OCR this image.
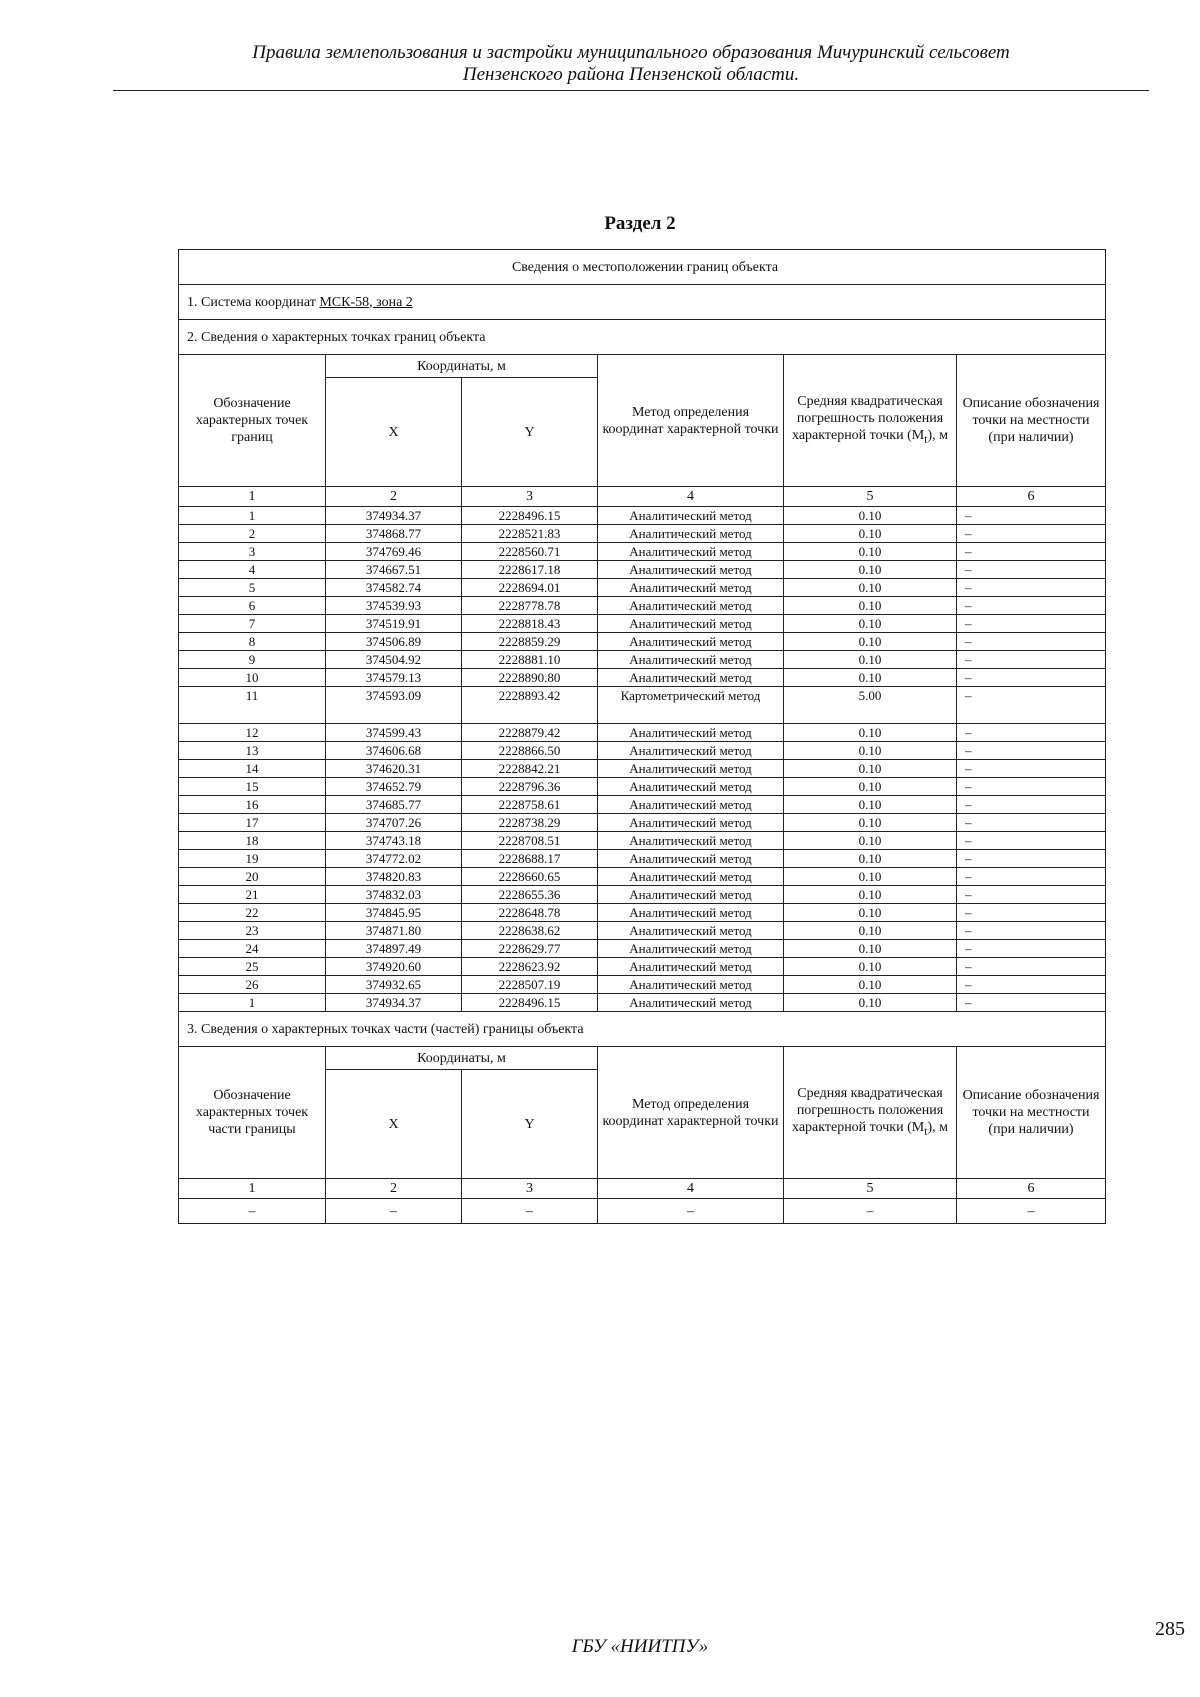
Правила землепользования и застройки муниципального образования Мичуринский сельсовет
Пензенского района Пензенской области.
Раздел 2
Сведения о местоположении границ объекта					
1. Система координат МСК-58, зона 2					
2. Сведения о характерных точках границ объекта					
Обозначение характерных точек границ	Координаты, м		Метод определения координат характерной точки	Средняя квадратическая погрешность положения характерной точки $(M_t)$, м	Описание обозначения точки на местности (при наличии)
	X	Y			
1	2	3	4	5	6
1	374934.37	2228496.15	Аналитический метод	0.10	–
2	374868.77	2228521.83	Аналитический метод	0.10	–
3	374769.46	2228560.71	Аналитический метод	0.10	–
4	374667.51	2228617.18	Аналитический метод	0.10	–
5	374582.74	2228694.01	Аналитический метод	0.10	–
6	374539.93	2228778.78	Аналитический метод	0.10	–
7	374519.91	2228818.43	Аналитический метод	0.10	–
8	374506.89	2228859.29	Аналитический метод	0.10	–
9	374504.92	2228881.10	Аналитический метод	0.10	–
10	374579.13	2228890.80	Аналитический метод	0.10	–
11	374593.09	2228893.42	Картометрический метод	5.00	–
12	374599.43	2228879.42	Аналитический метод	0.10	–
13	374606.68	2228866.50	Аналитический метод	0.10	–
14	374620.31	2228842.21	Аналитический метод	0.10	–
15	374652.79	2228796.36	Аналитический метод	0.10	–
16	374685.77	2228758.61	Аналитический метод	0.10	–
17	374707.26	2228738.29	Аналитический метод	0.10	–
18	374743.18	2228708.51	Аналитический метод	0.10	–
19	374772.02	2228688.17	Аналитический метод	0.10	–
20	374820.83	2228660.65	Аналитический метод	0.10	–
21	374832.03	2228655.36	Аналитический метод	0.10	–
22	374845.95	2228648.78	Аналитический метод	0.10	–
23	374871.80	2228638.62	Аналитический метод	0.10	–
24	374897.49	2228629.77	Аналитический метод	0.10	–
25	374920.60	2228623.92	Аналитический метод	0.10	–
26	374932.65	2228507.19	Аналитический метод	0.10	–
1	374934.37	2228496.15	Аналитический метод	0.10	–
3. Сведения о характерных точках части (частей) границы объекта					
Обозначение характерных точек части границы	Координаты, м		Метод определения координат характерной точки	Средняя квадратическая погрешность положения характерной точки $(M_t)$, м	Описание обозначения точки на местности (при наличии)
	X	Y			
1	2	3	4	5	6
–	–	–	–	–	–
ГБУ «НИИТПУ»
285
